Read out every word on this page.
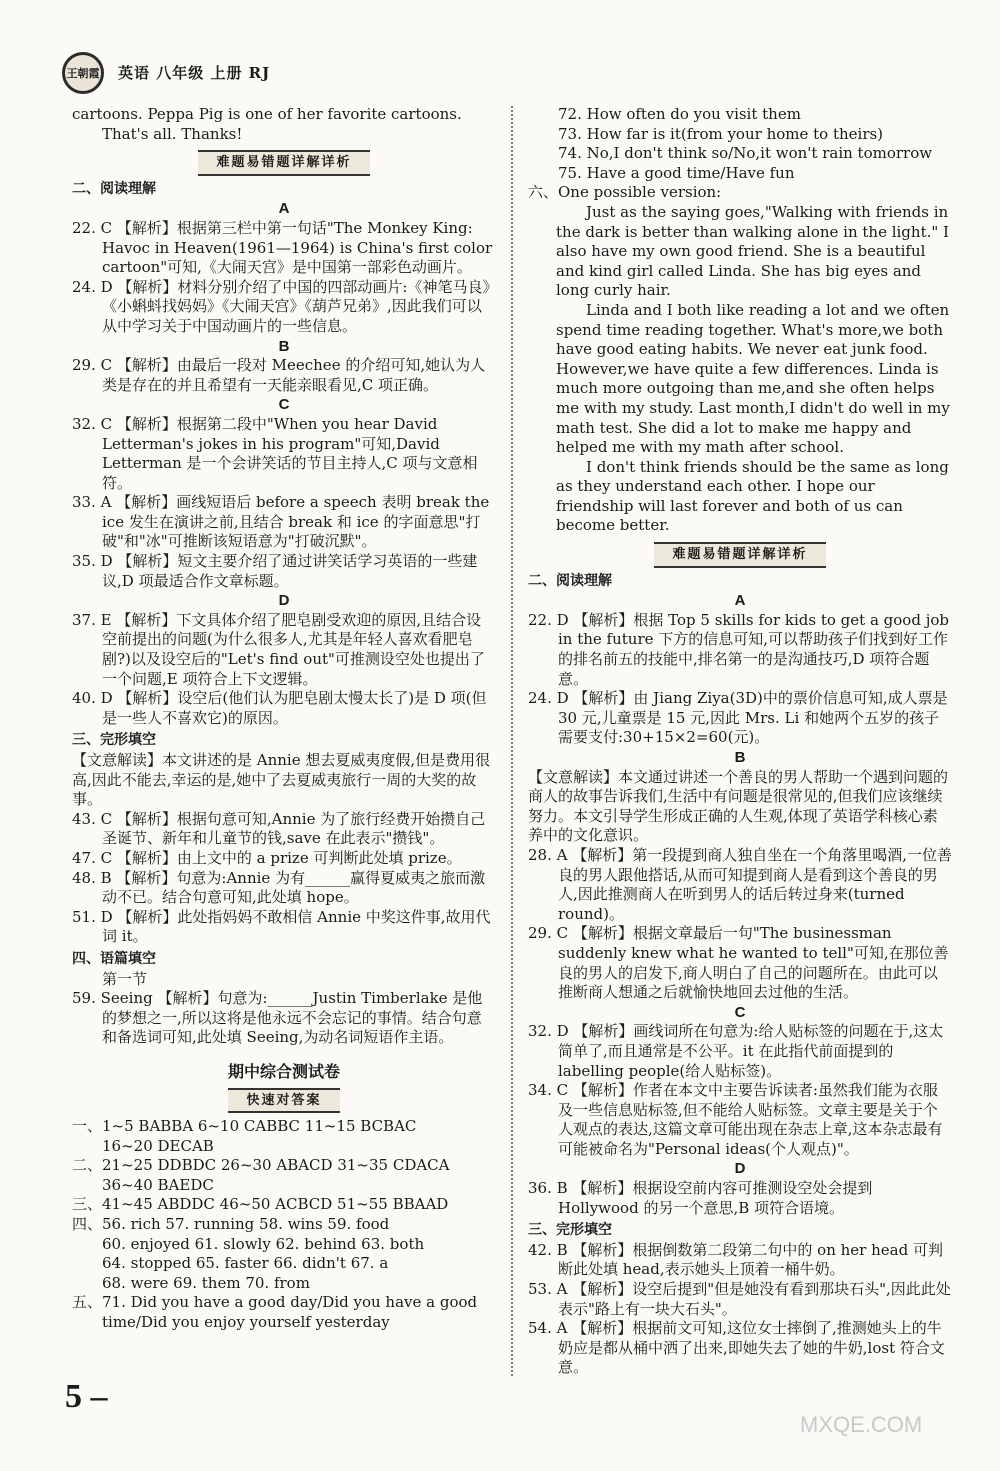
王朝霞	英语 八年级 上册 RJ

cartoons. Peppa Pig is one of her favorite cartoons.

That's all. Thanks!

难题易错题详解详析

二、阅读理解

A

22. C 【解析】根据第三栏中第一句话"The Monkey King: Havoc in Heaven(1961—1964) is China's first color cartoon"可知,《大闹天宫》是中国第一部彩色动画片。

24. D 【解析】材料分别介绍了中国的四部动画片:《神笔马良》《小蝌蚪找妈妈》《大闹天宫》《葫芦兄弟》,因此我们可以从中学习关于中国动画片的一些信息。

B

29. C 【解析】由最后一段对 Meechee 的介绍可知,她认为人类是存在的并且希望有一天能亲眼看见,C 项正确。

C

32. C 【解析】根据第二段中"When you hear David Letterman's jokes in his program"可知,David Letterman 是一个会讲笑话的节目主持人,C 项与文意相符。

33. A 【解析】画线短语后 before a speech 表明 break the ice 发生在演讲之前,且结合 break 和 ice 的字面意思"打破"和"冰"可推断该短语意为"打破沉默"。

35. D 【解析】短文主要介绍了通过讲笑话学习英语的一些建议,D 项最适合作文章标题。

D

37. E 【解析】下文具体介绍了肥皂剧受欢迎的原因,且结合设空前提出的问题(为什么很多人,尤其是年轻人喜欢看肥皂剧?)以及设空后的"Let's find out"可推测设空处也提出了一个问题,E 项符合上下文逻辑。

40. D 【解析】设空后(他们认为肥皂剧太慢太长了)是 D 项(但是一些人不喜欢它)的原因。

三、完形填空

【文意解读】本文讲述的是 Annie 想去夏威夷度假,但是费用很高,因此不能去,幸运的是,她中了去夏威夷旅行一周的大奖的故事。

43. C 【解析】根据句意可知,Annie 为了旅行经费开始攒自己圣诞节、新年和儿童节的钱,save 在此表示"攒钱"。

47. C 【解析】由上文中的 a prize 可判断此处填 prize。

48. B 【解析】句意为:Annie 为有______赢得夏威夷之旅而激动不已。结合句意可知,此处填 hope。

51. D 【解析】此处指妈妈不敢相信 Annie 中奖这件事,故用代词 it。

四、语篇填空

第一节

59. Seeing 【解析】句意为:______Justin Timberlake 是他的梦想之一,所以这将是他永远不会忘记的事情。结合句意和备选词可知,此处填 Seeing,为动名词短语作主语。

期中综合测试卷

快速对答案

一、1~5 BABBA 6~10 CABBC 11~15 BCBAC

16~20 DECAB

二、21~25 DDBDC 26~30 ABACD 31~35 CDACA

36~40 BAEDC

三、41~45 ABDDC 46~50 ACBCD 51~55 BBAAD

四、56. rich 57. running 58. wins 59. food

60. enjoyed 61. slowly 62. behind 63. both

64. stopped 65. faster 66. didn't 67. a

68. were 69. them 70. from

五、71. Did you have a good day/Did you have a good time/Did you enjoy yourself yesterday

72. How often do you visit them

73. How far is it(from your home to theirs)

74. No,I don't think so/No,it won't rain tomorrow

75. Have a good time/Have fun

六、One possible version:

Just as the saying goes,"Walking with friends in the dark is better than walking alone in the light." I also have my own good friend. She is a beautiful and kind girl called Linda. She has big eyes and long curly hair.

Linda and I both like reading a lot and we often spend time reading together. What's more,we both have good eating habits. We never eat junk food. However,we have quite a few differences. Linda is much more outgoing than me,and she often helps me with my study. Last month,I didn't do well in my math test. She did a lot to make me happy and helped me with my math after school.

I don't think friends should be the same as long as they understand each other. I hope our friendship will last forever and both of us can become better.

难题易错题详解详析

二、阅读理解

A

22. D 【解析】根据 Top 5 skills for kids to get a good job in the future 下方的信息可知,可以帮助孩子们找到好工作的排名前五的技能中,排名第一的是沟通技巧,D 项符合题意。

24. D 【解析】由 Jiang Ziya(3D)中的票价信息可知,成人票是 30 元,儿童票是 15 元,因此 Mrs. Li 和她两个五岁的孩子需要支付:30+15×2=60(元)。

B

【文意解读】本文通过讲述一个善良的男人帮助一个遇到问题的商人的故事告诉我们,生活中有问题是很常见的,但我们应该继续努力。本文引导学生形成正确的人生观,体现了英语学科核心素养中的文化意识。

28. A 【解析】第一段提到商人独自坐在一个角落里喝酒,一位善良的男人跟他搭话,从而可知提到商人是看到这个善良的男人,因此推测商人在听到男人的话后转过身来(turned round)。

29. C 【解析】根据文章最后一句"The businessman suddenly knew what he wanted to tell"可知,在那位善良的男人的启发下,商人明白了自己的问题所在。由此可以推断商人想通之后就愉快地回去过他的生活。

C

32. D 【解析】画线词所在句意为:给人贴标签的问题在于,这太简单了,而且通常是不公平。it 在此指代前面提到的 labelling people(给人贴标签)。

34. C 【解析】作者在本文中主要告诉读者:虽然我们能为衣服及一些信息贴标签,但不能给人贴标签。文章主要是关于个人观点的表达,这篇文章可能出现在杂志上章,这本杂志最有可能被命名为"Personal ideas(个人观点)"。

D

36. B 【解析】根据设空前内容可推测设空处会提到 Hollywood 的另一个意思,B 项符合语境。

三、完形填空

42. B 【解析】根据倒数第二段第二句中的 on her head 可判断此处填 head,表示她头上顶着一桶牛奶。

53. A 【解析】设空后提到"但是她没有看到那块石头",因此此处表示"路上有一块大石头"。

54. A 【解析】根据前文可知,这位女士摔倒了,推测她头上的牛奶应是都从桶中洒了出来,即她失去了她的牛奶,lost 符合文意。

5 –
MXQE.COM
